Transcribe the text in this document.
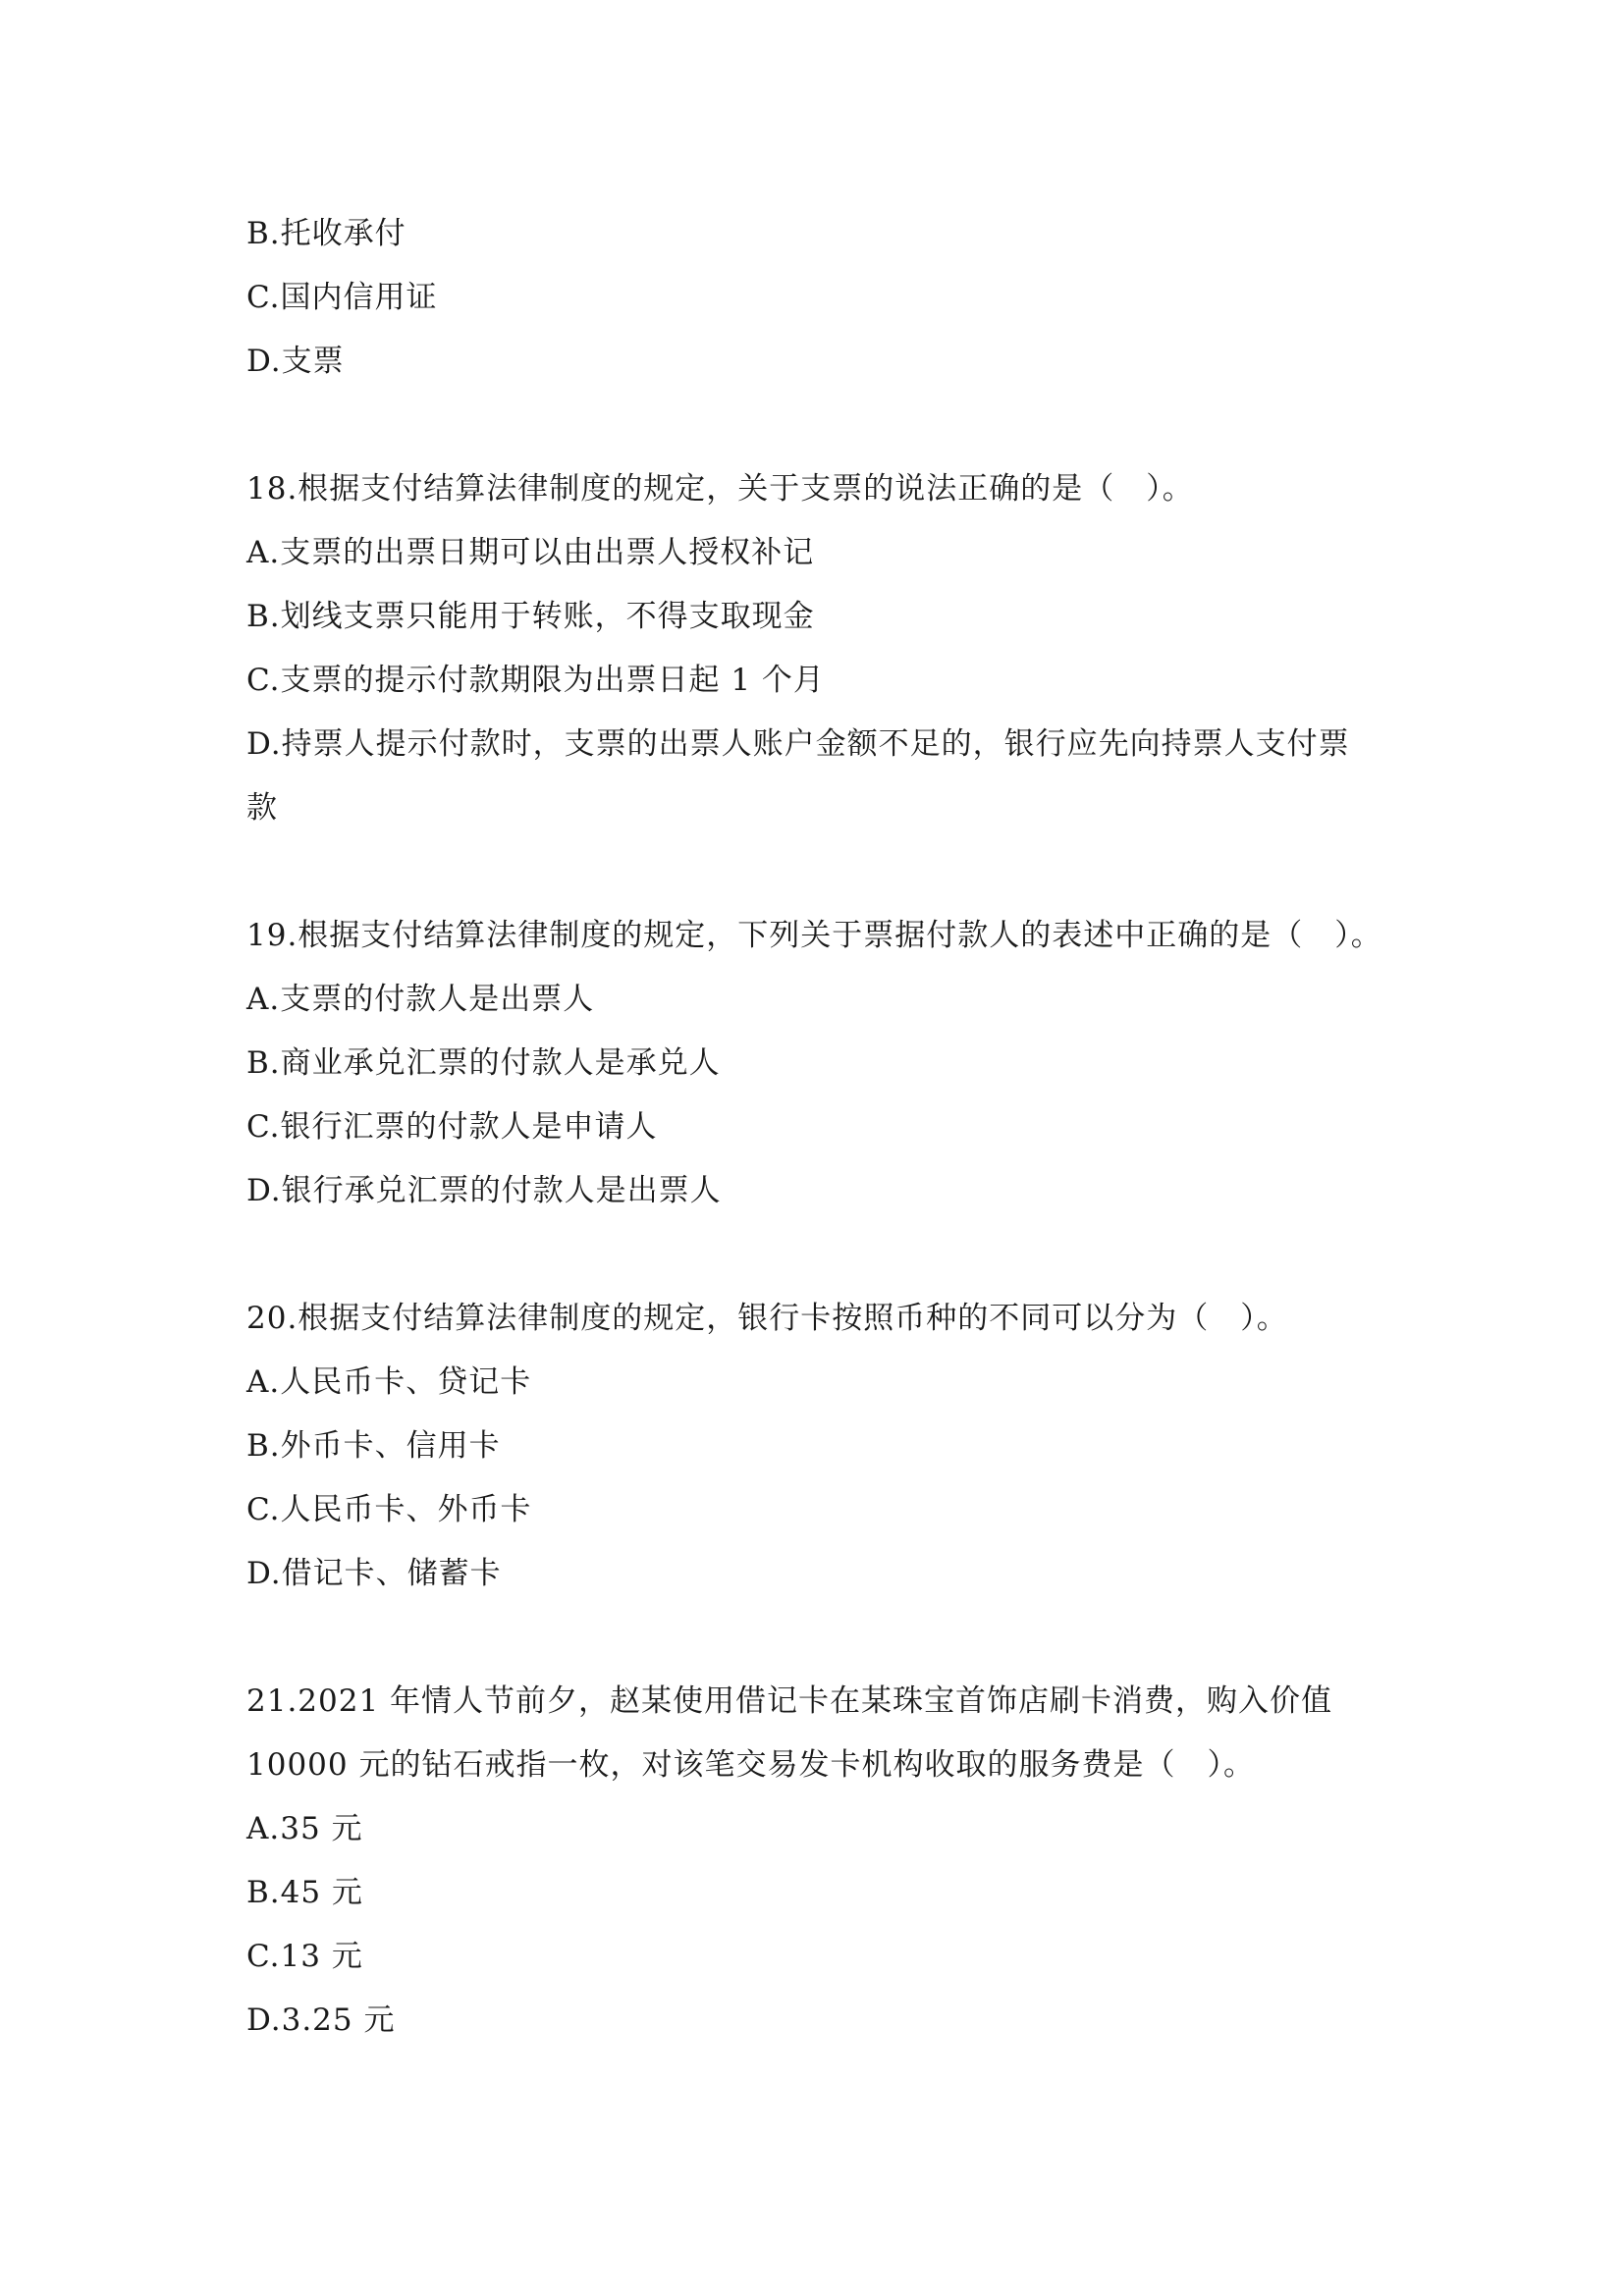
B.托收承付
C.国内信用证
D.支票
18.根据支付结算法律制度的规定，关于支票的说法正确的是（　）。
A.支票的出票日期可以由出票人授权补记
B.划线支票只能用于转账，不得支取现金
C.支票的提示付款期限为出票日起 1 个月
D.持票人提示付款时，支票的出票人账户金额不足的，银行应先向持票人支付票
款
19.根据支付结算法律制度的规定，下列关于票据付款人的表述中正确的是（　）。
A.支票的付款人是出票人
B.商业承兑汇票的付款人是承兑人
C.银行汇票的付款人是申请人
D.银行承兑汇票的付款人是出票人
20.根据支付结算法律制度的规定，银行卡按照币种的不同可以分为（　）。
A.人民币卡、贷记卡
B.外币卡、信用卡
C.人民币卡、外币卡
D.借记卡、储蓄卡
21.2021 年情人节前夕，赵某使用借记卡在某珠宝首饰店刷卡消费，购入价值
10000 元的钻石戒指一枚，对该笔交易发卡机构收取的服务费是（　）。
A.35 元
B.45 元
C.13 元
D.3.25 元
